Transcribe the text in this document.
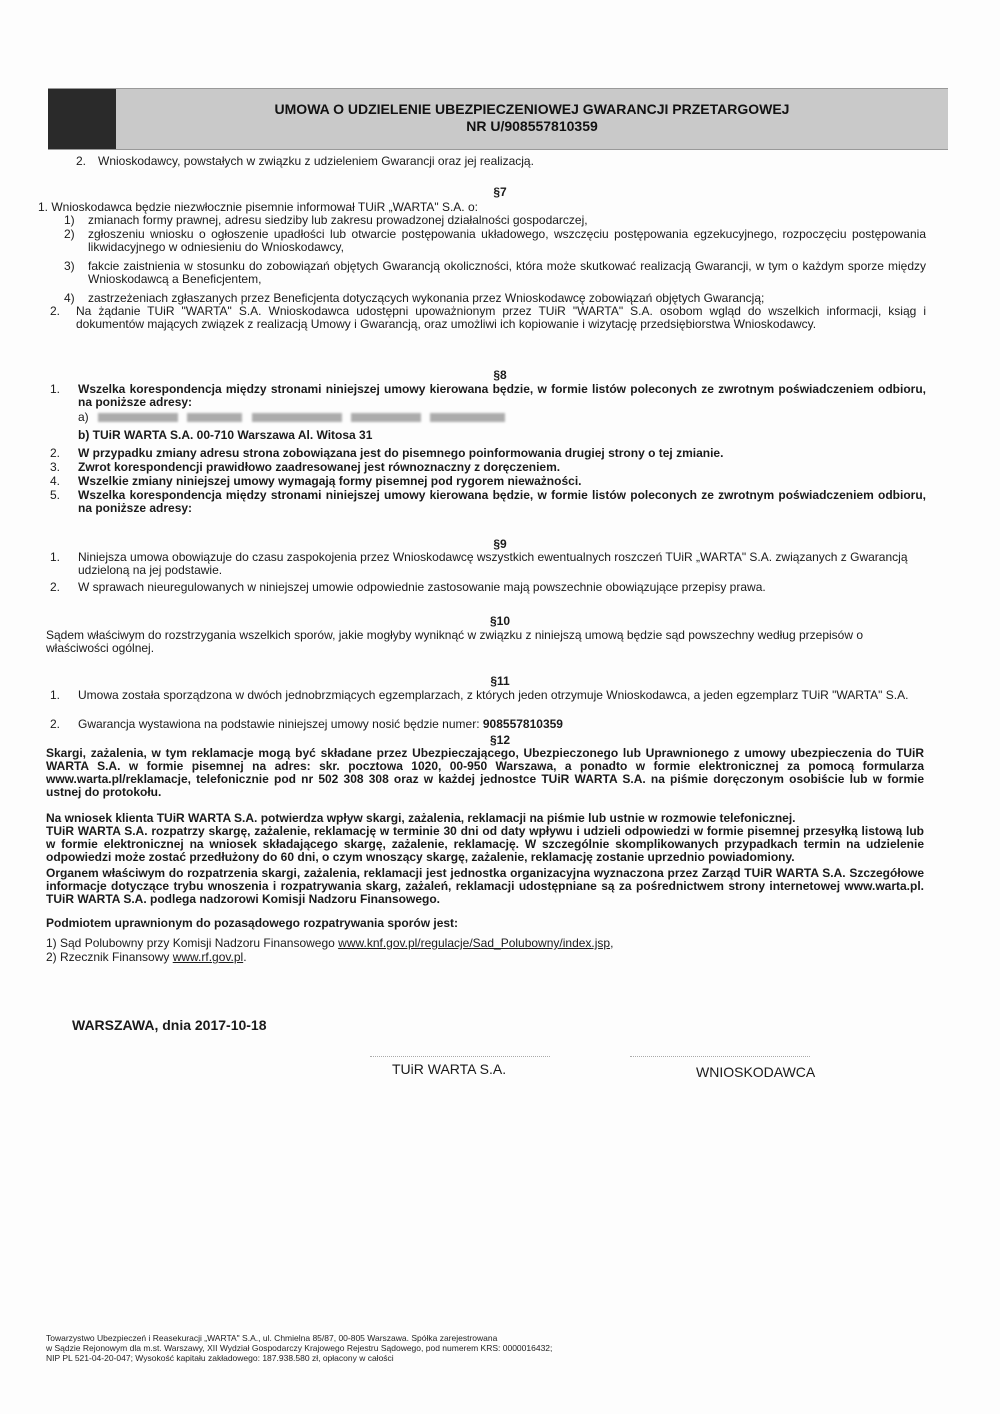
UMOWA O UDZIELENIE UBEZPIECZENIOWEJ GWARANCJI PRZETARGOWEJ
NR U/908557810359
2. Wnioskodawcy, powstałych w związku z udzieleniem Gwarancji oraz jej realizacją.
§7
1. Wnioskodawca będzie niezwłocznie pisemnie informował TUiR „WARTA" S.A. o:
1) zmianach formy prawnej, adresu siedziby lub zakresu prowadzonej działalności gospodarczej,
2) zgłoszeniu wniosku o ogłoszenie upadłości lub otwarcie postępowania układowego, wszczęciu postępowania egzekucyjnego, rozpoczęciu postępowania likwidacyjnego w odniesieniu do Wnioskodawcy,
3) fakcie zaistnienia w stosunku do zobowiązań objętych Gwarancją okoliczności, która może skutkować realizacją Gwarancji, w tym o każdym sporze między Wnioskodawcą a Beneficjentem,
4) zastrzeżeniach zgłaszanych przez Beneficjenta dotyczących wykonania przez Wnioskodawcę zobowiązań objętych Gwarancją;
2. Na żądanie TUiR "WARTA" S.A. Wnioskodawca udostępni upoważnionym przez TUiR "WARTA" S.A. osobom wgląd do wszelkich informacji, ksiąg i dokumentów mających związek z realizacją Umowy i Gwarancją, oraz umożliwi ich kopiowanie i wizytację przedsiębiorstwa Wnioskodawcy.
§8
1. Wszelka korespondencja między stronami niniejszej umowy kierowana będzie, w formie listów poleconych ze zwrotnym poświadczeniem odbioru, na poniższe adresy:
a)
b) TUiR WARTA S.A. 00-710 Warszawa Al. Witosa 31
2. W przypadku zmiany adresu strona zobowiązana jest do pisemnego poinformowania drugiej strony o tej zmianie.
3. Zwrot korespondencji prawidłowo zaadresowanej jest równoznaczny z doręczeniem.
4. Wszelkie zmiany niniejszej umowy wymagają formy pisemnej pod rygorem nieważności.
5. Wszelka korespondencja między stronami niniejszej umowy kierowana będzie, w formie listów poleconych ze zwrotnym poświadczeniem odbioru, na poniższe adresy:
§9
1. Niniejsza umowa obowiązuje do czasu zaspokojenia przez Wnioskodawcę wszystkich ewentualnych roszczeń TUiR „WARTA" S.A. związanych z Gwarancją udzieloną na jej podstawie.
2. W sprawach nieuregulowanych w niniejszej umowie odpowiednie zastosowanie mają powszechnie obowiązujące przepisy prawa.
§10
Sądem właściwym do rozstrzygania wszelkich sporów, jakie mogłyby wyniknąć w związku z niniejszą umową będzie sąd powszechny według przepisów o właściwości ogólnej.
§11
1. Umowa została sporządzona w dwóch jednobrzmiących egzemplarzach, z których jeden otrzymuje Wnioskodawca, a jeden egzemplarz TUiR "WARTA" S.A.
2. Gwarancja wystawiona na podstawie niniejszej umowy nosić będzie numer: 908557810359
§12
Skargi, zażalenia, w tym reklamacje mogą być składane przez Ubezpieczającego, Ubezpieczonego lub Uprawnionego z umowy ubezpieczenia do TUiR WARTA S.A. w formie pisemnej na adres: skr. pocztowa 1020, 00-950 Warszawa, a ponadto w formie elektronicznej za pomocą formularza www.warta.pl/reklamacje, telefonicznie pod nr 502 308 308 oraz w każdej jednostce TUiR WARTA S.A. na piśmie doręczonym osobiście lub w formie ustnej do protokołu.
Na wniosek klienta TUiR WARTA S.A. potwierdza wpływ skargi, zażalenia, reklamacji na piśmie lub ustnie w rozmowie telefonicznej.
TUiR WARTA S.A. rozpatrzy skargę, zażalenie, reklamację w terminie 30 dni od daty wpływu i udzieli odpowiedzi w formie pisemnej przesyłką listową lub w formie elektronicznej na wniosek składającego skargę, zażalenie, reklamację. W szczególnie skomplikowanych przypadkach termin na udzielenie odpowiedzi może zostać przedłużony do 60 dni, o czym wnoszący skargę, zażalenie, reklamację zostanie uprzednio powiadomiony.
Organem właściwym do rozpatrzenia skargi, zażalenia, reklamacji jest jednostka organizacyjna wyznaczona przez Zarząd TUiR WARTA S.A. Szczegółowe informacje dotyczące trybu wnoszenia i rozpatrywania skarg, zażaleń, reklamacji udostępniane są za pośrednictwem strony internetowej www.warta.pl. TUiR WARTA S.A. podlega nadzorowi Komisji Nadzoru Finansowego.
Podmiotem uprawnionym do pozasądowego rozpatrywania sporów jest:
1) Sąd Polubowny przy Komisji Nadzoru Finansowego www.knf.gov.pl/regulacje/Sad_Polubowny/index.jsp,
2) Rzecznik Finansowy www.rf.gov.pl.
WARSZAWA, dnia 2017-10-18
TUiR WARTA S.A.	WNIOSKODAWCA
Towarzystwo Ubezpieczeń i Reasekuracji „WARTA" S.A., ul. Chmielna 85/87, 00-805 Warszawa. Spółka zarejestrowana
w Sądzie Rejonowym dla m.st. Warszawy, XII Wydział Gospodarczy Krajowego Rejestru Sądowego, pod numerem KRS: 0000016432;
NIP PL 521-04-20-047; Wysokość kapitału zakładowego: 187.938.580 zł, opłacony w całości
